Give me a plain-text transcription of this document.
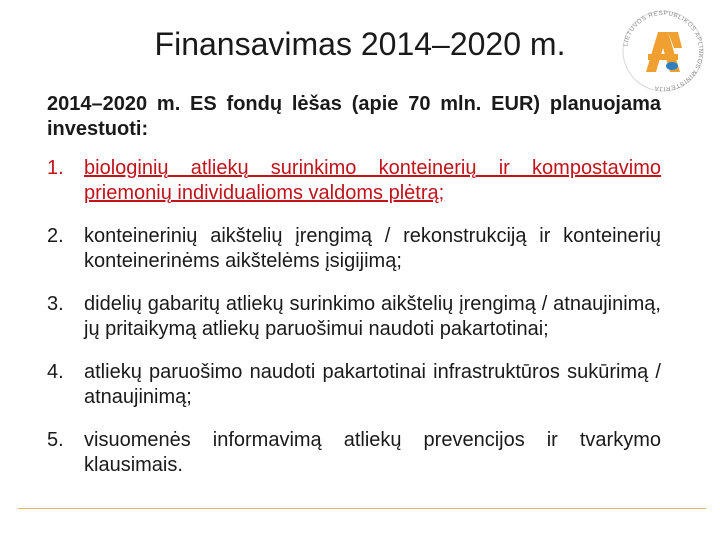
Finansavimas 2014–2020 m.	LIETUVOS RESPUBLIKOS APLINKOS MINISTERIJA
2014–2020 m. ES fondų lėšas (apie 70 mln. EUR) planuojama investuoti:
1.	biologinių atliekų surinkimo konteinerių ir kompostavimo priemonių individualioms valdoms plėtrą;
2.	konteinerinių aikštelių įrengimą / rekonstrukciją ir konteinerių konteinerinėms aikštelėms įsigijimą;
3.	didelių gabaritų atliekų surinkimo aikštelių įrengimą / atnaujinimą, jų pritaikymą atliekų paruošimui naudoti pakartotinai;
4.	atliekų paruošimo naudoti pakartotinai infrastruktūros sukūrimą / atnaujinimą;
5.	visuomenės informavimą atliekų prevencijos ir tvarkymo klausimais.
